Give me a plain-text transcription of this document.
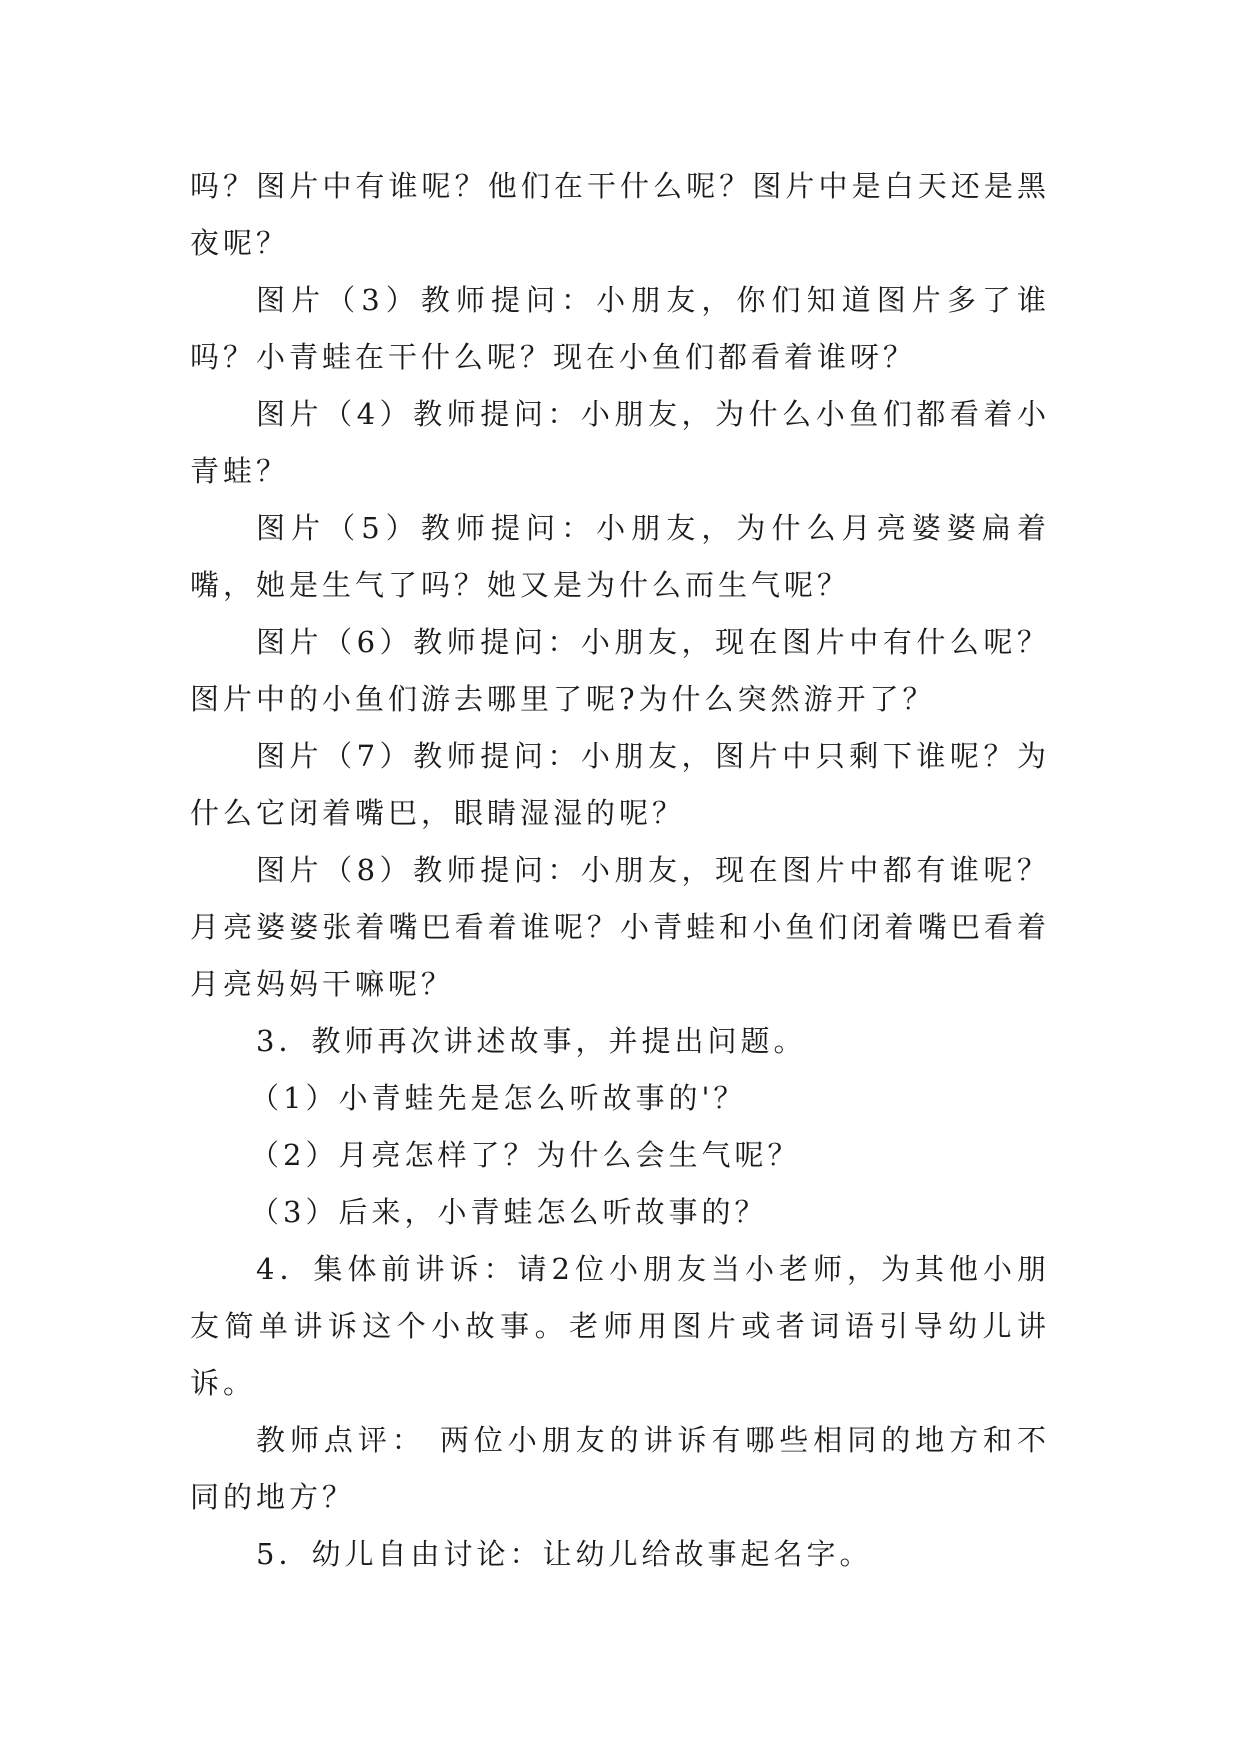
吗？图片中有谁呢？他们在干什么呢？图片中是白天还是黑夜呢？

图片（3）教师提问：小朋友，你们知道图片多了谁吗？小青蛙在干什么呢？现在小鱼们都看着谁呀？

图片（4）教师提问：小朋友，为什么小鱼们都看着小青蛙？

图片（5）教师提问：小朋友，为什么月亮婆婆扁着嘴，她是生气了吗？她又是为什么而生气呢？

图片（6）教师提问：小朋友，现在图片中有什么呢？图片中的小鱼们游去哪里了呢?为什么突然游开了？

图片（7）教师提问：小朋友，图片中只剩下谁呢？为什么它闭着嘴巴，眼睛湿湿的呢？

图片（8）教师提问：小朋友，现在图片中都有谁呢？月亮婆婆张着嘴巴看着谁呢？小青蛙和小鱼们闭着嘴巴看着月亮妈妈干嘛呢？

3．教师再次讲述故事，并提出问题。

（1）小青蛙先是怎么听故事的'？

（2）月亮怎样了？为什么会生气呢？

（3）后来，小青蛙怎么听故事的？

4．集体前讲诉：请2位小朋友当小老师，为其他小朋友简单讲诉这个小故事。老师用图片或者词语引导幼儿讲诉。

教师点评： 两位小朋友的讲诉有哪些相同的地方和不同的地方？

5．幼儿自由讨论：让幼儿给故事起名字。
